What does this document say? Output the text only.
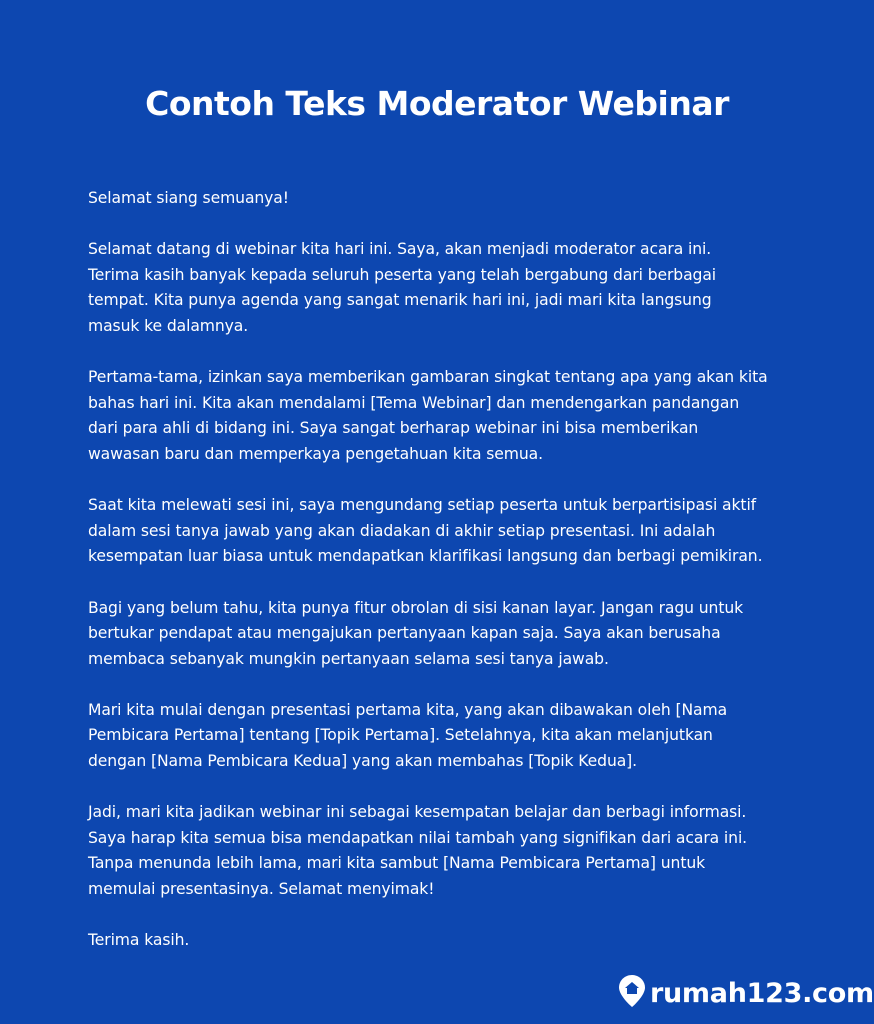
Contoh Teks Moderator Webinar

Selamat siang semuanya!

Selamat datang di webinar kita hari ini. Saya, akan menjadi moderator acara ini.
Terima kasih banyak kepada seluruh peserta yang telah bergabung dari berbagai
tempat. Kita punya agenda yang sangat menarik hari ini, jadi mari kita langsung
masuk ke dalamnya.

Pertama-tama, izinkan saya memberikan gambaran singkat tentang apa yang akan kita
bahas hari ini. Kita akan mendalami [Tema Webinar] dan mendengarkan pandangan
dari para ahli di bidang ini. Saya sangat berharap webinar ini bisa memberikan
wawasan baru dan memperkaya pengetahuan kita semua.

Saat kita melewati sesi ini, saya mengundang setiap peserta untuk berpartisipasi aktif
dalam sesi tanya jawab yang akan diadakan di akhir setiap presentasi. Ini adalah
kesempatan luar biasa untuk mendapatkan klarifikasi langsung dan berbagi pemikiran.

Bagi yang belum tahu, kita punya fitur obrolan di sisi kanan layar. Jangan ragu untuk
bertukar pendapat atau mengajukan pertanyaan kapan saja. Saya akan berusaha
membaca sebanyak mungkin pertanyaan selama sesi tanya jawab.

Mari kita mulai dengan presentasi pertama kita, yang akan dibawakan oleh [Nama
Pembicara Pertama] tentang [Topik Pertama]. Setelahnya, kita akan melanjutkan
dengan [Nama Pembicara Kedua] yang akan membahas [Topik Kedua].

Jadi, mari kita jadikan webinar ini sebagai kesempatan belajar dan berbagi informasi.
Saya harap kita semua bisa mendapatkan nilai tambah yang signifikan dari acara ini.
Tanpa menunda lebih lama, mari kita sambut [Nama Pembicara Pertama] untuk
memulai presentasinya. Selamat menyimak!

Terima kasih.

rumah123.com
